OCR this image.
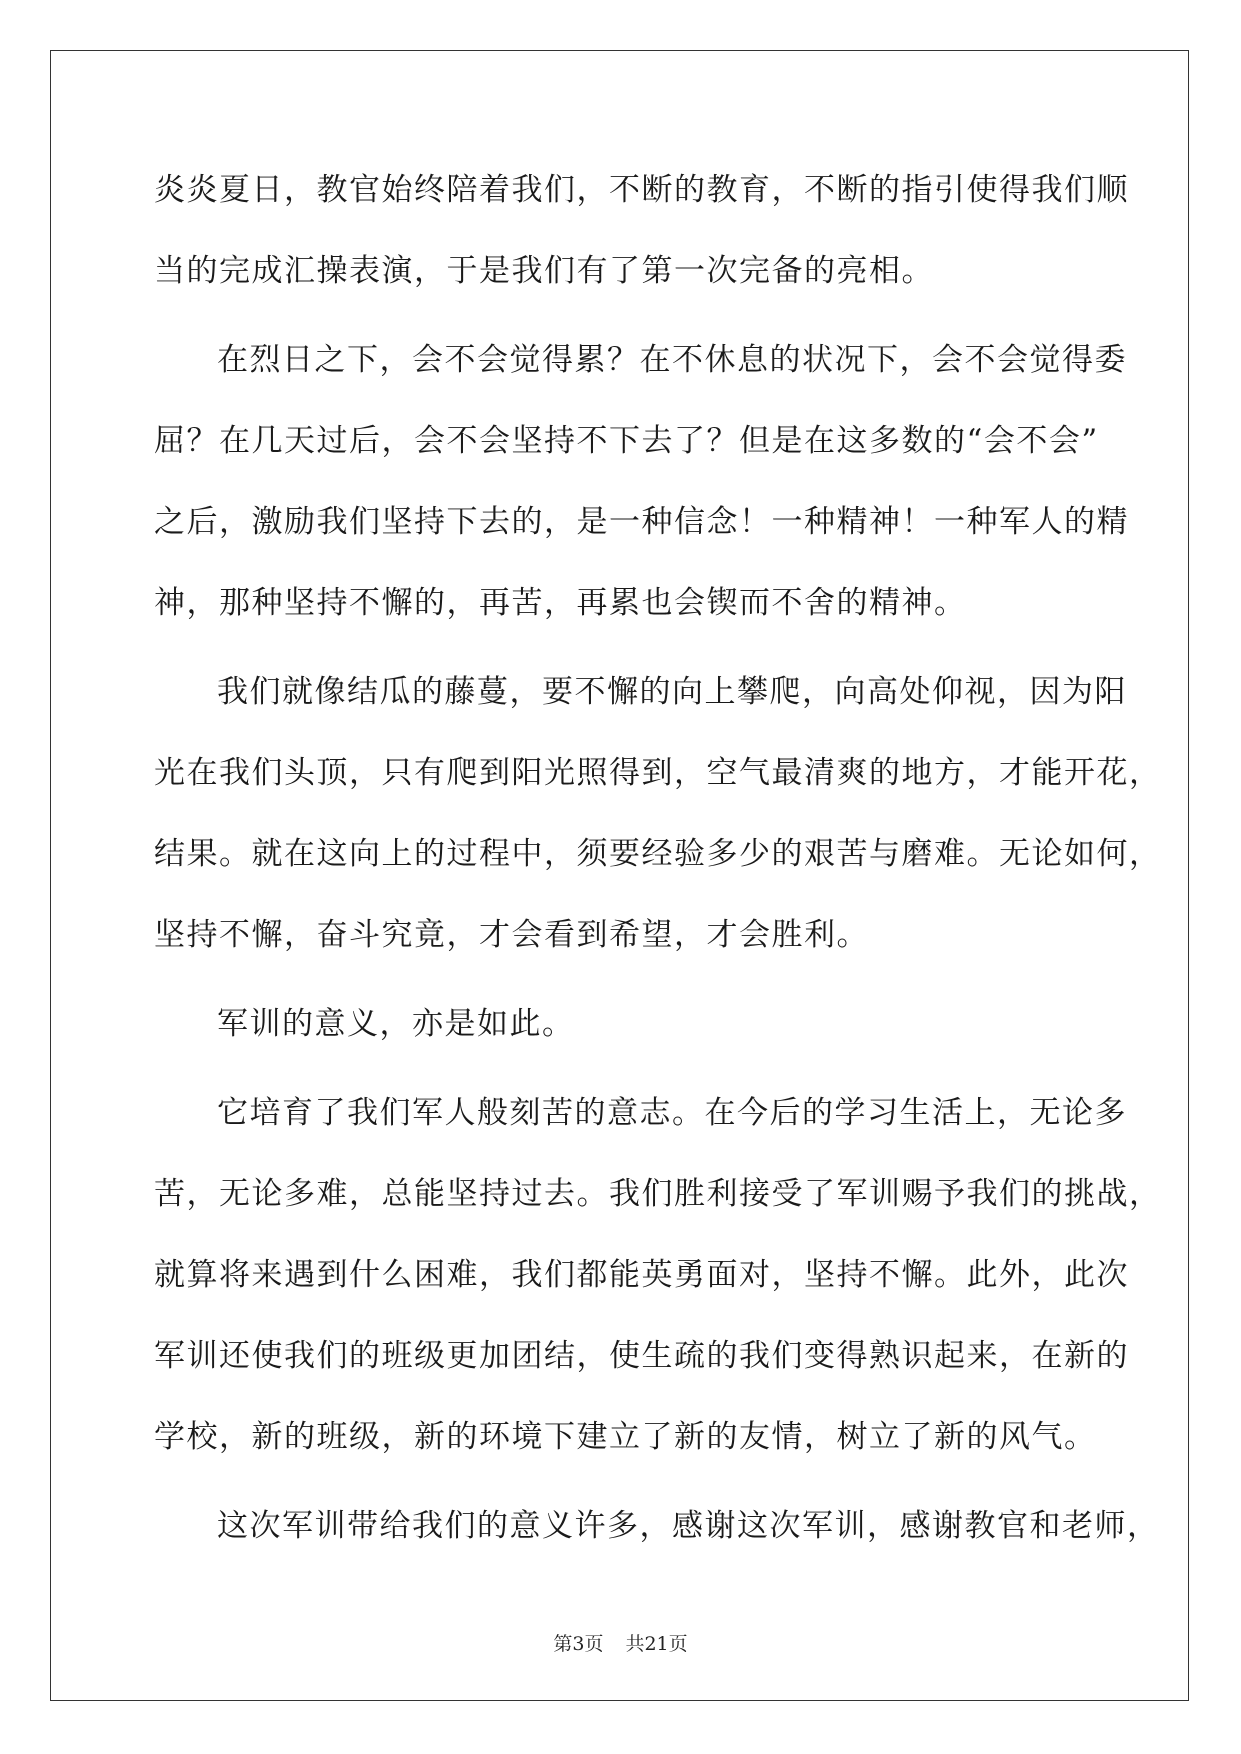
炎炎夏日，教官始终陪着我们，不断的教育，不断的指引使得我们顺
当的完成汇操表演，于是我们有了第一次完备的亮相。
在烈日之下，会不会觉得累？在不休息的状况下，会不会觉得委
屈？在几天过后，会不会坚持不下去了？但是在这多数的“会不会”
之后，激励我们坚持下去的，是一种信念！一种精神！一种军人的精
神，那种坚持不懈的，再苦，再累也会锲而不舍的精神。
我们就像结瓜的藤蔓，要不懈的向上攀爬，向高处仰视，因为阳
光在我们头顶，只有爬到阳光照得到，空气最清爽的地方，才能开花，
结果。就在这向上的过程中，须要经验多少的艰苦与磨难。无论如何，
坚持不懈，奋斗究竟，才会看到希望，才会胜利。
军训的意义，亦是如此。
它培育了我们军人般刻苦的意志。在今后的学习生活上，无论多
苦，无论多难，总能坚持过去。我们胜利接受了军训赐予我们的挑战，
就算将来遇到什么困难，我们都能英勇面对，坚持不懈。此外，此次
军训还使我们的班级更加团结，使生疏的我们变得熟识起来，在新的
学校，新的班级，新的环境下建立了新的友情，树立了新的风气。
这次军训带给我们的意义许多，感谢这次军训，感谢教官和老师，
第3页 共21页
